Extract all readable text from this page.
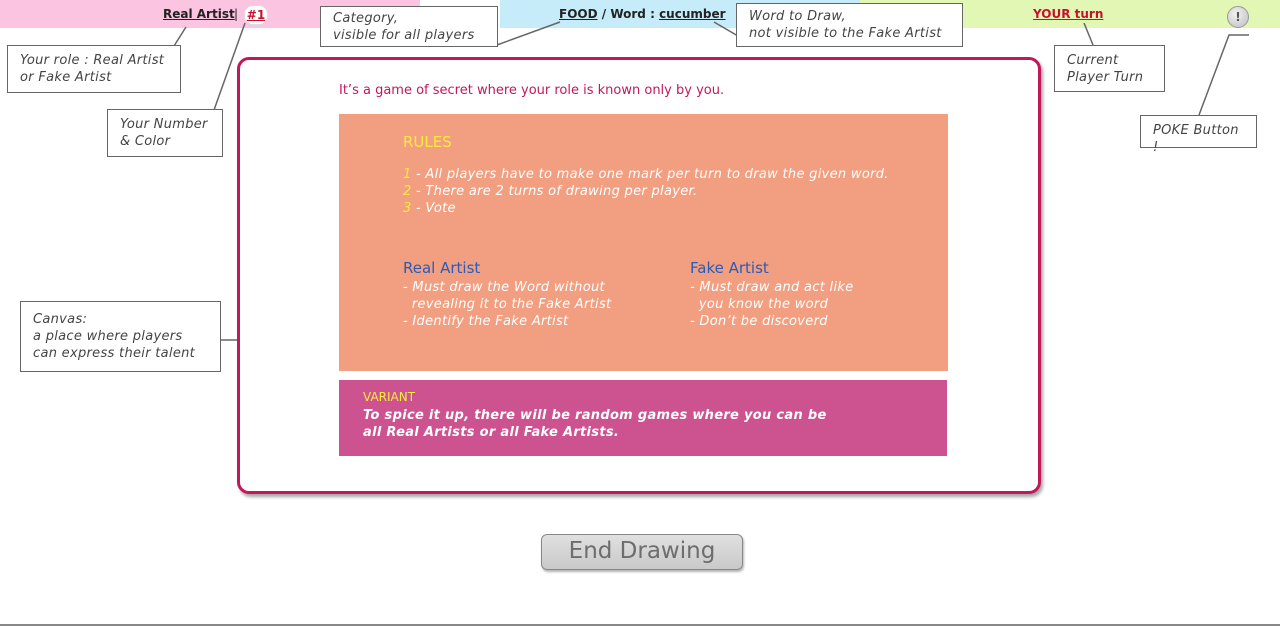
Real Artist | #1	FOOD / Word : cucumber	YOUR turn	!
Your role : Real Artist
or Fake Artist
Your Number
& Color
Category,
visible for all players
Word to Draw,
not visible to the Fake Artist
Current
Player Turn
POKE Button !
Canvas:
a place where players
can express their talent
It’s a game of secret where your role is known only by you.
RULES
1 - All players have to make one mark per turn to draw the given word.
2 - There are 2 turns of drawing per player.
3 - Vote
Real Artist
- Must draw the Word without
revealing it to the Fake Artist
- Identify the Fake Artist
Fake Artist
- Must draw and act like
you know the word
- Don’t be discoverd
VARIANT
To spice it up, there will be random games where you can be
all Real Artists or all Fake Artists.
End Drawing
